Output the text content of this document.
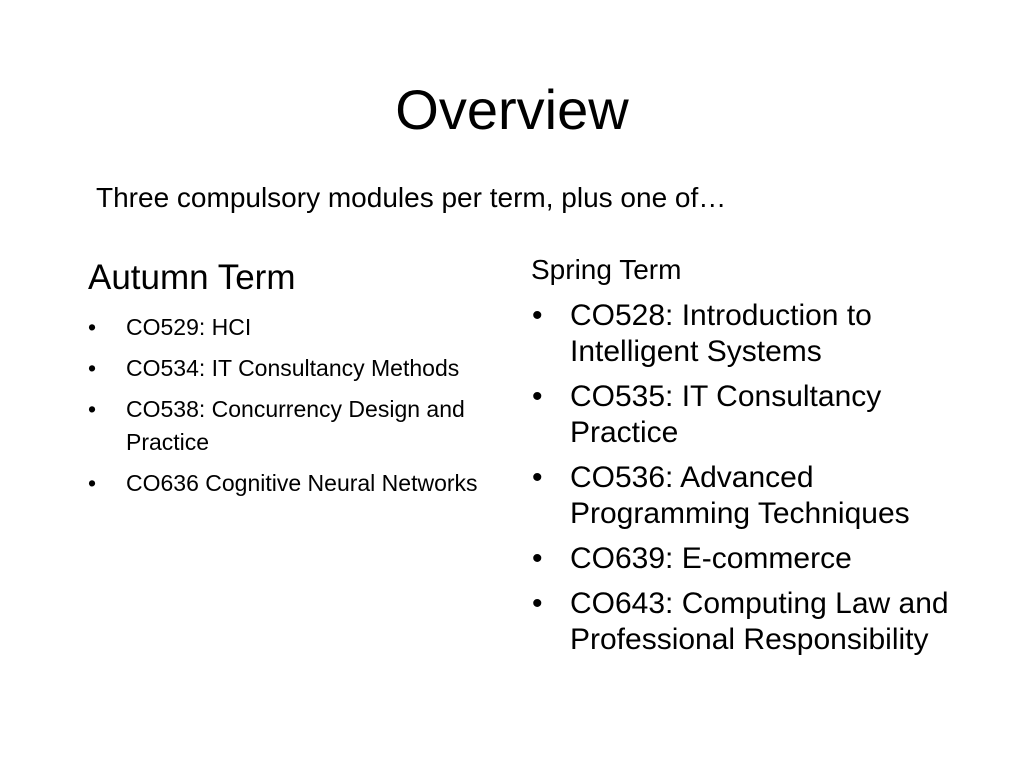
Overview

Three compulsory modules per term, plus one of…

Autumn Term
• CO529: HCI
• CO534: IT Consultancy Methods
• CO538: Concurrency Design and Practice
• CO636 Cognitive Neural Networks
Spring Term
• CO528: Introduction to Intelligent Systems
• CO535: IT Consultancy Practice
• CO536: Advanced Programming Techniques
• CO639: E-commerce
• CO643: Computing Law and Professional Responsibility
